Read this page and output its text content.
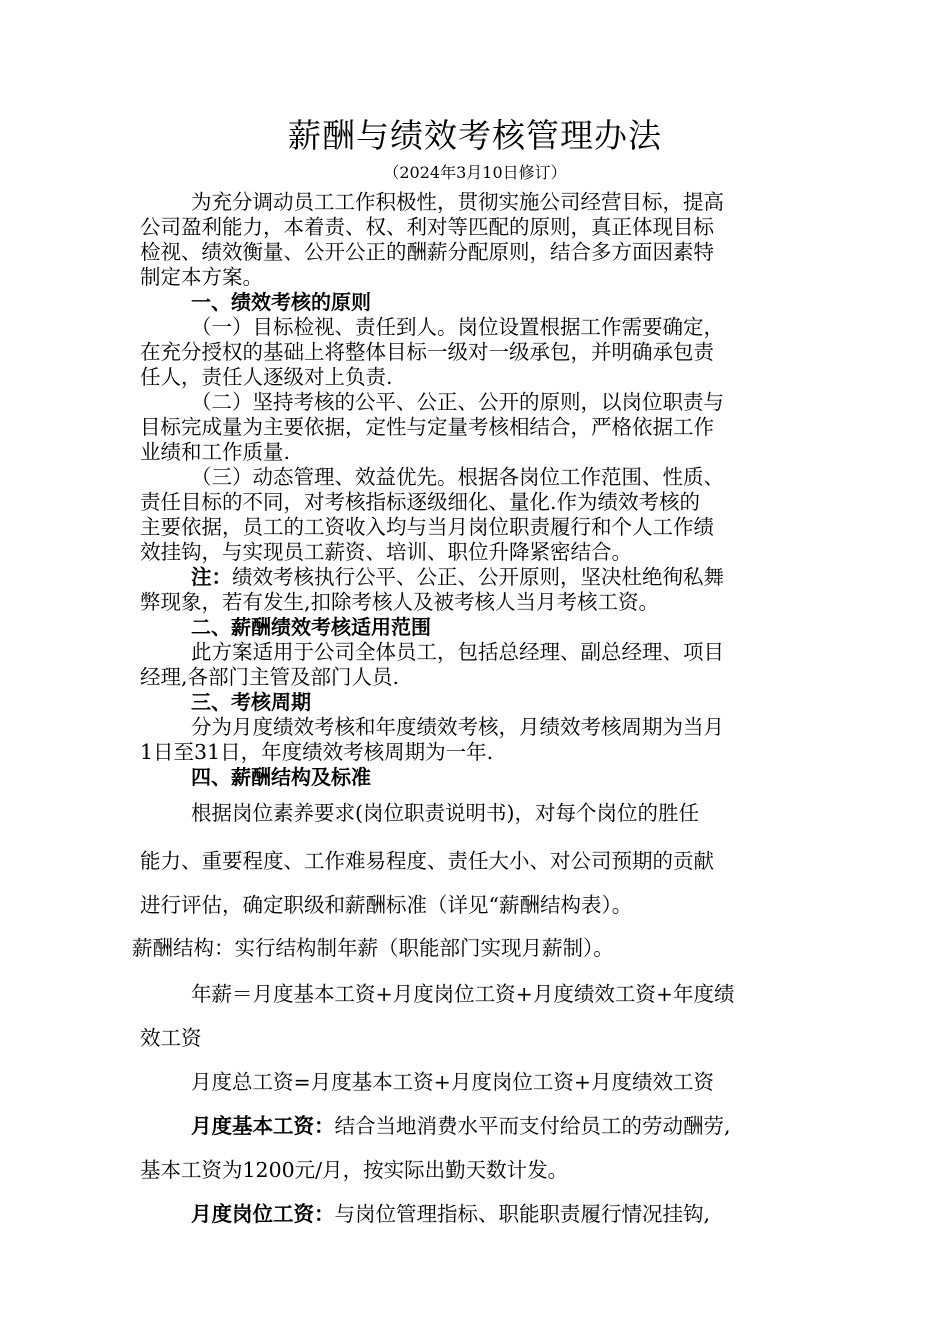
薪酬与绩效考核管理办法
（2024年3月10日修订）
为充分调动员工工作积极性，贯彻实施公司经营目标，提高
公司盈利能力，本着责、权、利对等匹配的原则，真正体现目标
检视、绩效衡量、公开公正的酬薪分配原则，结合多方面因素特
制定本方案。
一、绩效考核的原则
（一）目标检视、责任到人。岗位设置根据工作需要确定，
在充分授权的基础上将整体目标一级对一级承包，并明确承包责
任人，责任人逐级对上负责.
（二）坚持考核的公平、公正、公开的原则，以岗位职责与
目标完成量为主要依据，定性与定量考核相结合，严格依据工作
业绩和工作质量.
（三）动态管理、效益优先。根据各岗位工作范围、性质、
责任目标的不同，对考核指标逐级细化、量化.作为绩效考核的
主要依据，员工的工资收入均与当月岗位职责履行和个人工作绩
效挂钩，与实现员工薪资、培训、职位升降紧密结合。
注：绩效考核执行公平、公正、公开原则，坚决杜绝徇私舞
弊现象，若有发生,扣除考核人及被考核人当月考核工资。
二、薪酬绩效考核适用范围
此方案适用于公司全体员工，包括总经理、副总经理、项目
经理,各部门主管及部门人员.
三、考核周期
分为月度绩效考核和年度绩效考核，月绩效考核周期为当月
1日至31日，年度绩效考核周期为一年.
四、薪酬结构及标准
根据岗位素养要求(岗位职责说明书)，对每个岗位的胜任
能力、重要程度、工作难易程度、责任大小、对公司预期的贡献
进行评估，确定职级和薪酬标准（详见“薪酬结构表）。
薪酬结构：实行结构制年薪（职能部门实现月薪制）。
年薪＝月度基本工资+月度岗位工资+月度绩效工资+年度绩
效工资
月度总工资=月度基本工资+月度岗位工资+月度绩效工资
月度基本工资：结合当地消费水平而支付给员工的劳动酬劳,
基本工资为1200元/月，按实际出勤天数计发。
月度岗位工资：与岗位管理指标、职能职责履行情况挂钩,
